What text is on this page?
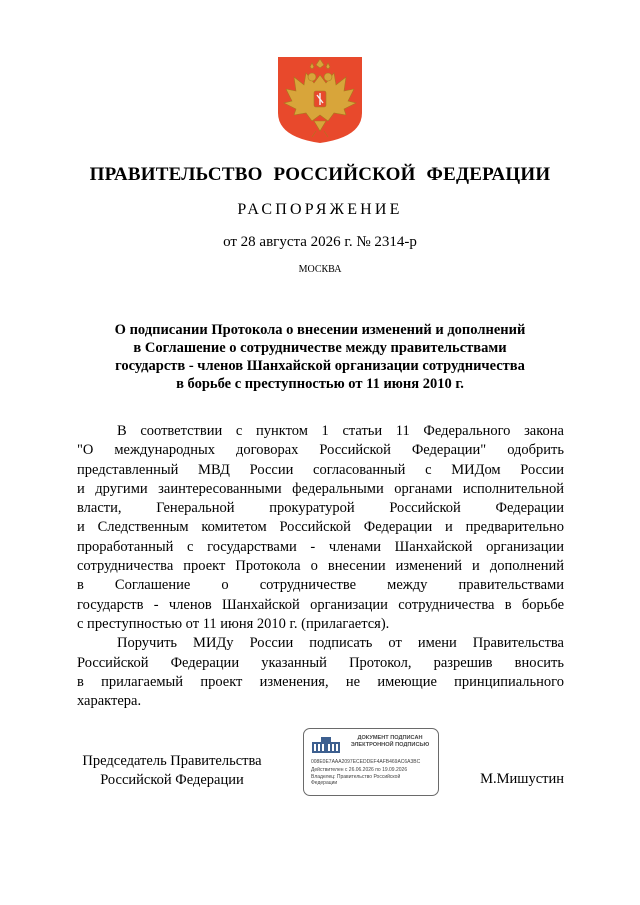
ПРАВИТЕЛЬСТВО РОССИЙСКОЙ ФЕДЕРАЦИИ
РАСПОРЯЖЕНИЕ
от 28 августа 2026 г. № 2314-р
МОСКВА
О подписании Протокола о внесении изменений и дополнений
в Соглашение о сотрудничестве между правительствами
государств - членов Шанхайской организации сотрудничества
в борьбе с преступностью от 11 июня 2010 г.

В соответствии с пунктом 1 статьи 11 Федерального закона
"О международных договорах Российской Федерации" одобрить
представленный МВД России согласованный с МИДом России
и другими заинтересованными федеральными органами исполнительной
власти, Генеральной прокуратурой Российской Федерации
и Следственным комитетом Российской Федерации и предварительно
проработанный с государствами - членами Шанхайской организации
сотрудничества проект Протокола о внесении изменений и дополнений
в Соглашение о сотрудничестве между правительствами
государств - членов Шанхайской организации сотрудничества в борьбе
с преступностью от 11 июня 2010 г. (прилагается).

Поручить МИДу России подписать от имени Правительства
Российской Федерации указанный Протокол, разрешив вносить
в прилагаемый проект изменения, не имеющие принципиального
характера.

Председатель Правительства
Российской Федерации
ДОКУМЕНТ ПОДПИСАН
ЭЛЕКТРОННОЙ ПОДПИСЬЮ
008E0E7AAA2097ECEDDEF4AFB469AC6A3BC
Действителен с 26.06.2026 по 19.09.2026
Владелец: Правительство Российской
Федерации	М.Мишустин
